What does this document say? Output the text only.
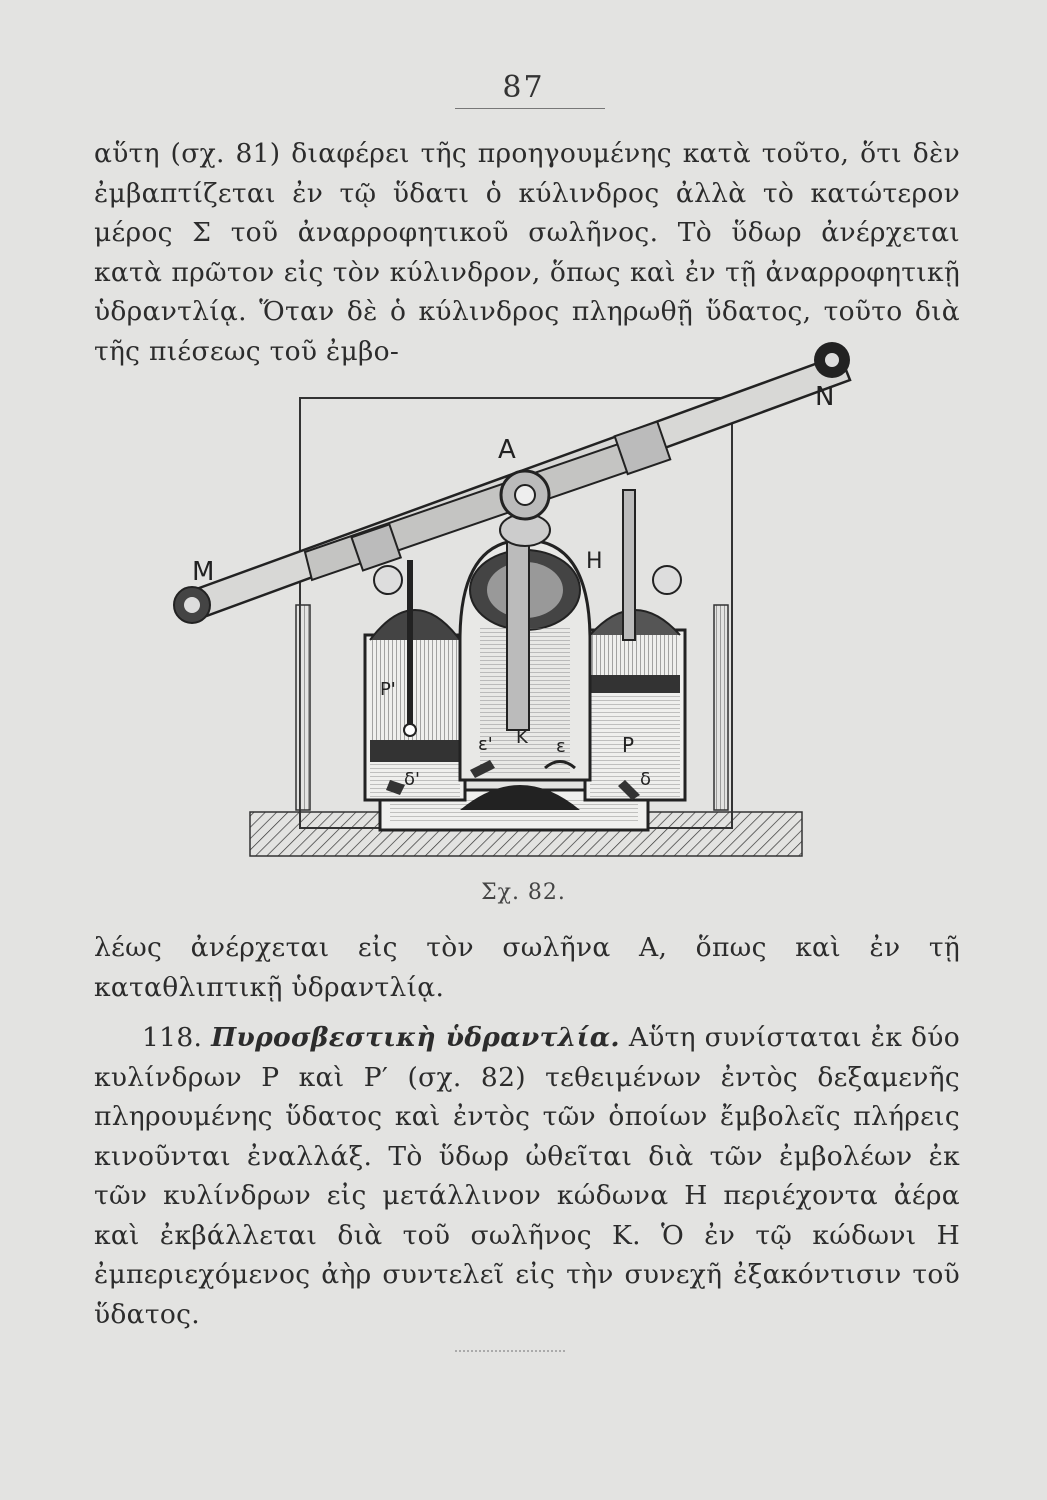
87

αὕτη (σχ. 81) διαφέρει τῆς προηγουμένης κατὰ τοῦτο, ὅτι δὲν ἐμβαπτίζεται ἐν τῷ ὕδατι ὁ κύλινδρος ἀλλὰ τὸ κατώτερον μέρος Σ τοῦ ἀναρροφητικοῦ σωλῆνος. Τὸ ὕδωρ ἀνέρχεται κατὰ πρῶτον εἰς τὸν κύλινδρον, ὅπως καὶ ἐν τῇ ἀναρροφητικῇ ὑδραντλίᾳ. Ὅταν δὲ ὁ κύλινδρος πληρωθῇ ὕδατος, τοῦτο διὰ τῆς πιέσεως τοῦ ἐμβο-

A
N
M	H
P'
P
K
ε'	ε
δ'	δ
Σχ. 82.

λέως ἀνέρχεται εἰς τὸν σωλῆνα Α, ὅπως καὶ ἐν τῇ καταθλιπτικῇ ὑδραντλίᾳ.

118. Πυροσβεστικὴ ὑδραντλία. Αὕτη συνίσταται ἐκ δύο κυλίνδρων Ρ καὶ Ρ′ (σχ. 82) τεθειμένων ἐντὸς δεξαμενῆς πληρουμένης ὕδατος καὶ ἐντὸς τῶν ὁποίων ἔμβολεῖς πλήρεις κινοῦνται ἐναλλάξ. Τὸ ὕδωρ ὠθεῖται διὰ τῶν ἐμβολέων ἐκ τῶν κυλίνδρων εἰς μετάλλινον κώδωνα Η περιέχοντα ἀέρα καὶ ἐκβάλλεται διὰ τοῦ σωλῆνος Κ. Ὁ ἐν τῷ κώδωνι Η ἐμπεριεχόμενος ἀὴρ συντελεῖ εἰς τὴν συνεχῆ ἐξακόντισιν τοῦ ὕδατος.
